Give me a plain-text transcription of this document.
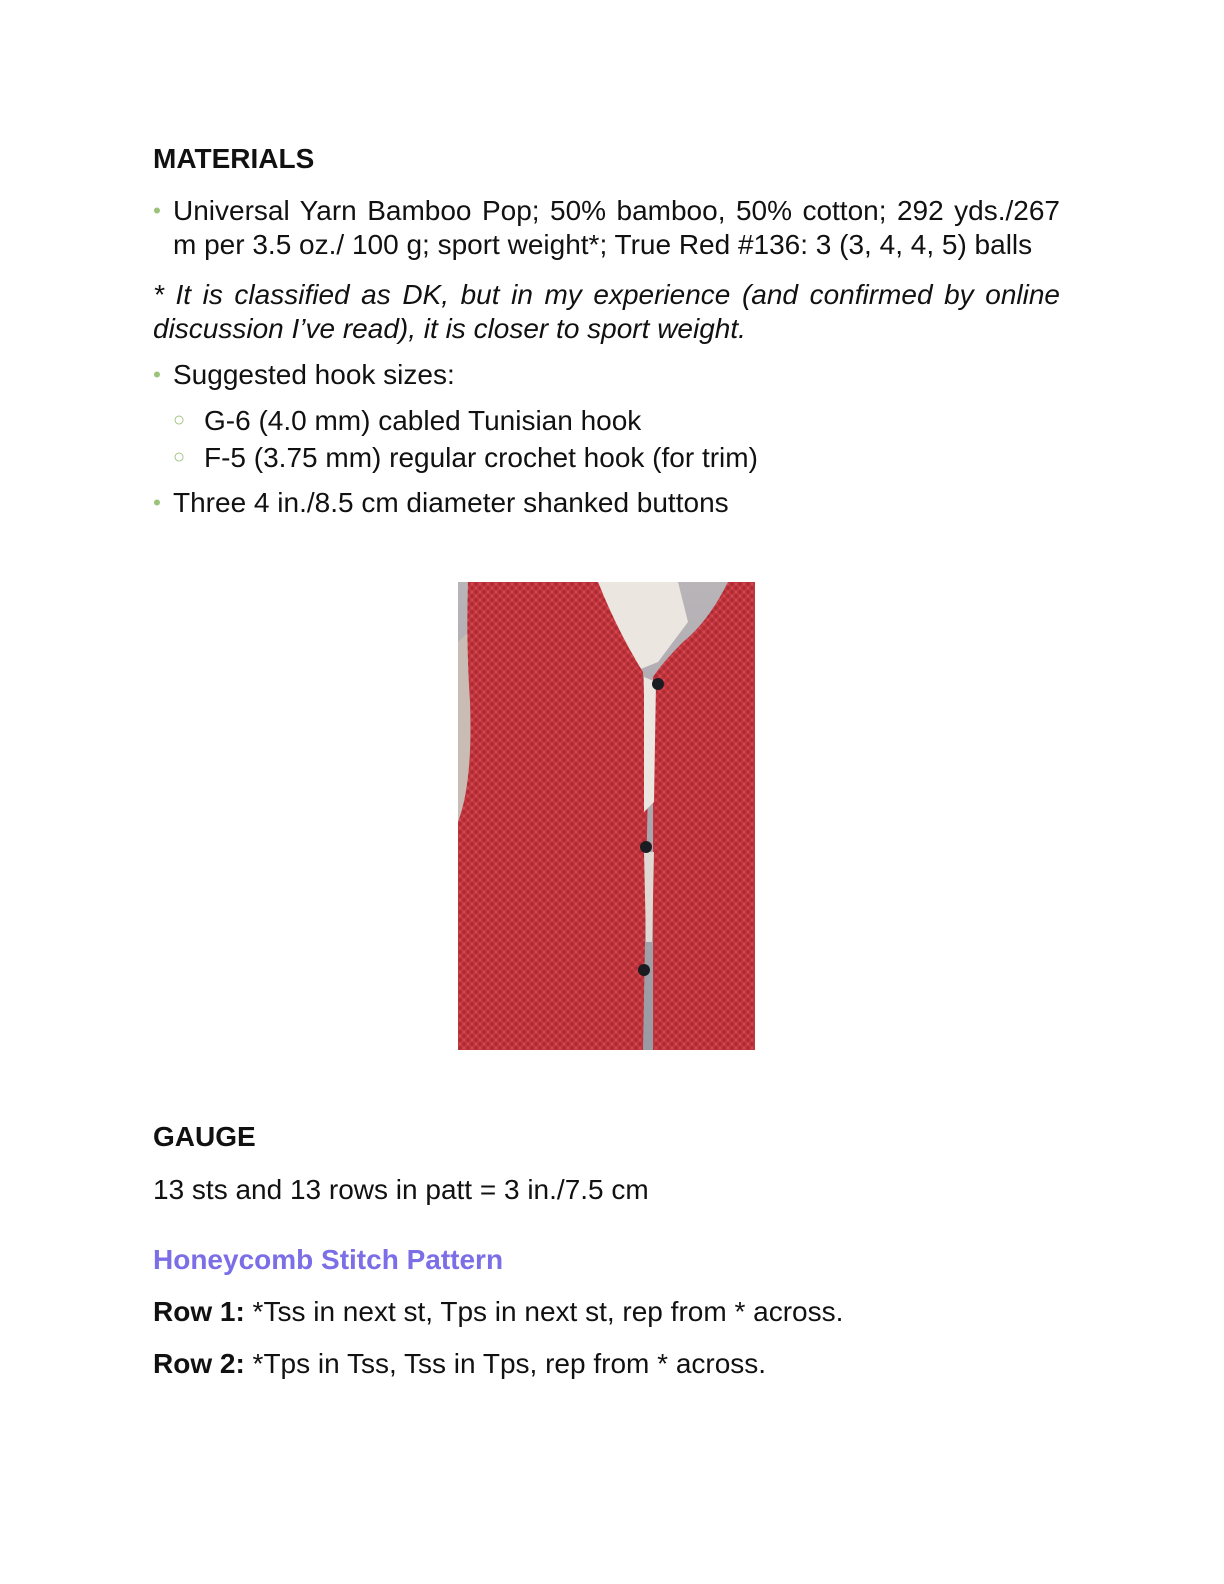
MATERIALS
• Universal Yarn Bamboo Pop; 50% bamboo, 50% cotton; 292 yds./267 m per 3.5 oz./ 100 g; sport weight*; True Red #136: 3 (3, 4, 4, 5) balls
* It is classified as DK, but in my experience (and confirmed by online discussion I’ve read), it is closer to sport weight.
• Suggested hook sizes:
○ G-6 (4.0 mm) cabled Tunisian hook
○ F-5 (3.75 mm) regular crochet hook (for trim)
• Three 4 in./8.5 cm diameter shanked buttons
GAUGE

13 sts and 13 rows in patt = 3 in./7.5 cm

Honeycomb Stitch Pattern

Row 1: *Tss in next st, Tps in next st, rep from * across.

Row 2: *Tps in Tss, Tss in Tps, rep from * across.
